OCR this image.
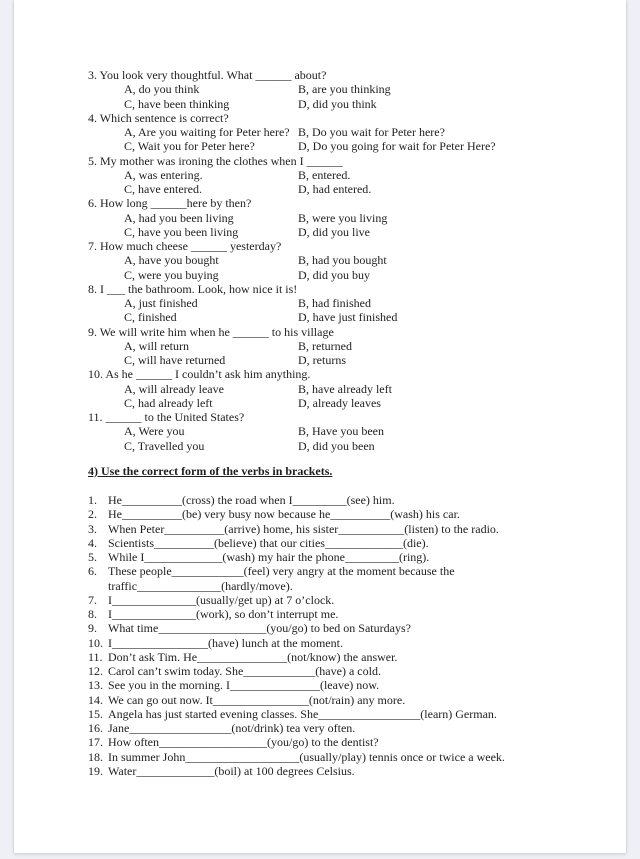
3. You look very thoughtful. What ______ about?
A, do you think	B, are you thinking
C, have been thinking	D, did you think
4. Which sentence is correct?
A, Are you waiting for Peter here? B, Do you wait for Peter here?
C, Wait you for Peter here?	D, Do you going for wait for Peter Here?
5. My mother was ironing the clothes when I ______
A, was entering.	B, entered.
C, have entered.	D, had entered.
6. How long ______here by then?
A, had you been living	B, were you living
C, have you been living	D, did you live
7. How much cheese ______ yesterday?
A, have you bought	B, had you bought
C, were you buying	D, did you buy
8. I ___ the bathroom. Look, how nice it is!
A, just finished	B, had finished
C, finished	D, have just finished
9. We will write him when he ______ to his village
A, will return	B, returned
C, will have returned	D, returns
10. As he ______ I couldn’t ask him anything.
A, will already leave	B, have already left
C, had already left	D, already leaves
11. ______ to the United States?
A, Were you	B, Have you been
C, Travelled you	D, did you been
4) Use the correct form of the verbs in brackets.
1. He__________(cross) the road when I_________(see) him.
2. He__________(be) very busy now because he__________(wash) his car.
3. When Peter__________(arrive) home, his sister___________(listen) to the radio.
4. Scientists__________(believe) that our cities_____________(die).
5. While I_____________(wash) my hair the phone_________(ring).
6. These people____________(feel) very angry at the moment because the
traffic______________(hardly/move).
7. I______________(usually/get up) at 7 o’clock.
8. I______________(work), so don’t interrupt me.
9. What time__________________(you/go) to bed on Saturdays?
10. I________________(have) lunch at the moment.
11. Don’t ask Tim. He_______________(not/know) the answer.
12. Carol can’t swim today. She____________(have) a cold.
13. See you in the morning. I_______________(leave) now.
14. We can go out now. It________________(not/rain) any more.
15. Angela has just started evening classes. She_________________(learn) German.
16. Jane_________________(not/drink) tea very often.
17. How often__________________(you/go) to the dentist?
18. In summer John___________________(usually/play) tennis once or twice a week.
19. Water_____________(boil) at 100 degrees Celsius.
